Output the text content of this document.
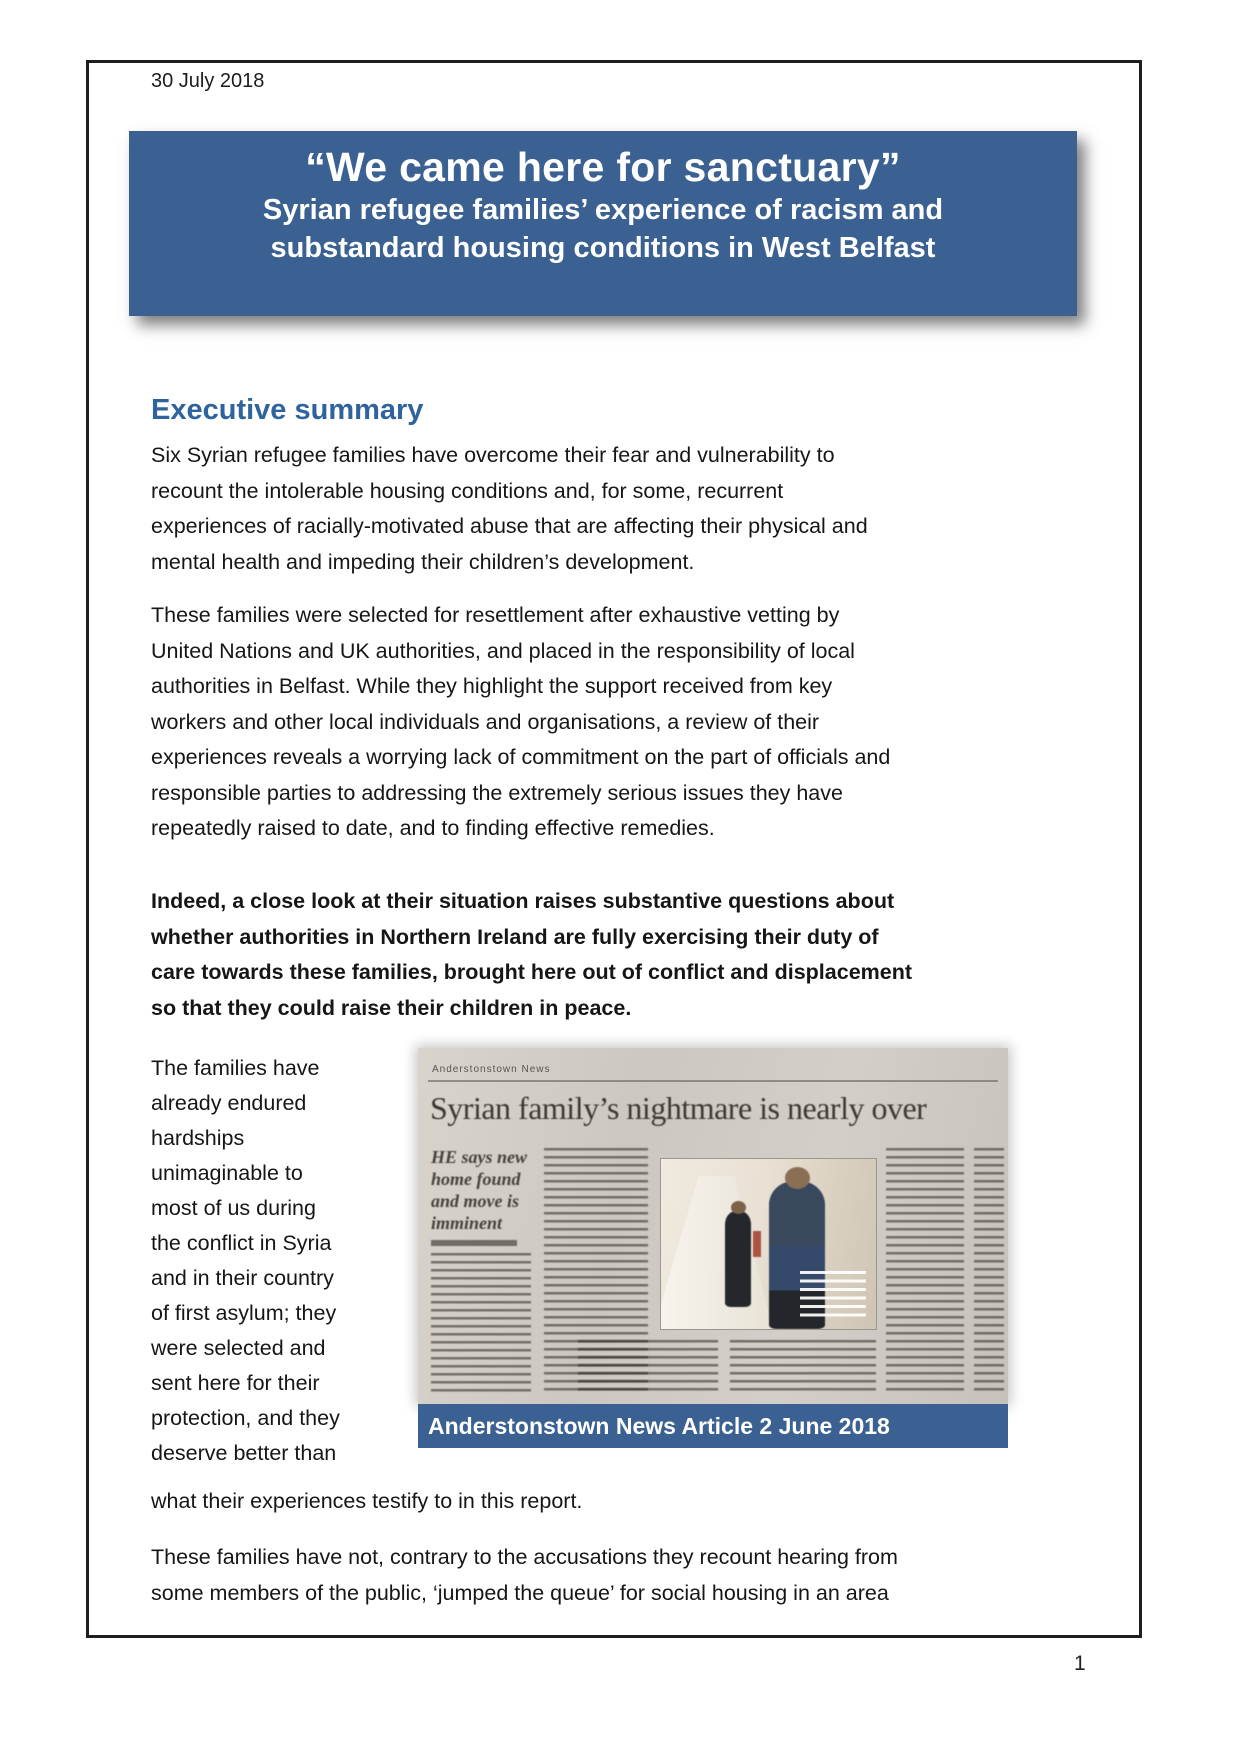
30 July 2018
“We came here for sanctuary”
Syrian refugee families’ experience of racism and
substandard housing conditions in West Belfast
Executive summary
Six Syrian refugee families have overcome their fear and vulnerability to
recount the intolerable housing conditions and, for some, recurrent
experiences of racially-motivated abuse that are affecting their physical and
mental health and impeding their children’s development.
These families were selected for resettlement after exhaustive vetting by
United Nations and UK authorities, and placed in the responsibility of local
authorities in Belfast. While they highlight the support received from key
workers and other local individuals and organisations, a review of their
experiences reveals a worrying lack of commitment on the part of officials and
responsible parties to addressing the extremely serious issues they have
repeatedly raised to date, and to finding effective remedies.
Indeed, a close look at their situation raises substantive questions about
whether authorities in Northern Ireland are fully exercising their duty of
care towards these families, brought here out of conflict and displacement
so that they could raise their children in peace.
The families have
already endured
hardships
unimaginable to
most of us during
the conflict in Syria
and in their country
of first asylum; they
were selected and
sent here for their
protection, and they
deserve better than
what their experiences testify to in this report.
These families have not, contrary to the accusations they recount hearing from
some members of the public, ‘jumped the queue’ for social housing in an area
Anderstonstown News
Syrian family’s nightmare is nearly over
HE says new
home found
and move is
imminent
Anderstonstown News Article 2 June 2018
1
